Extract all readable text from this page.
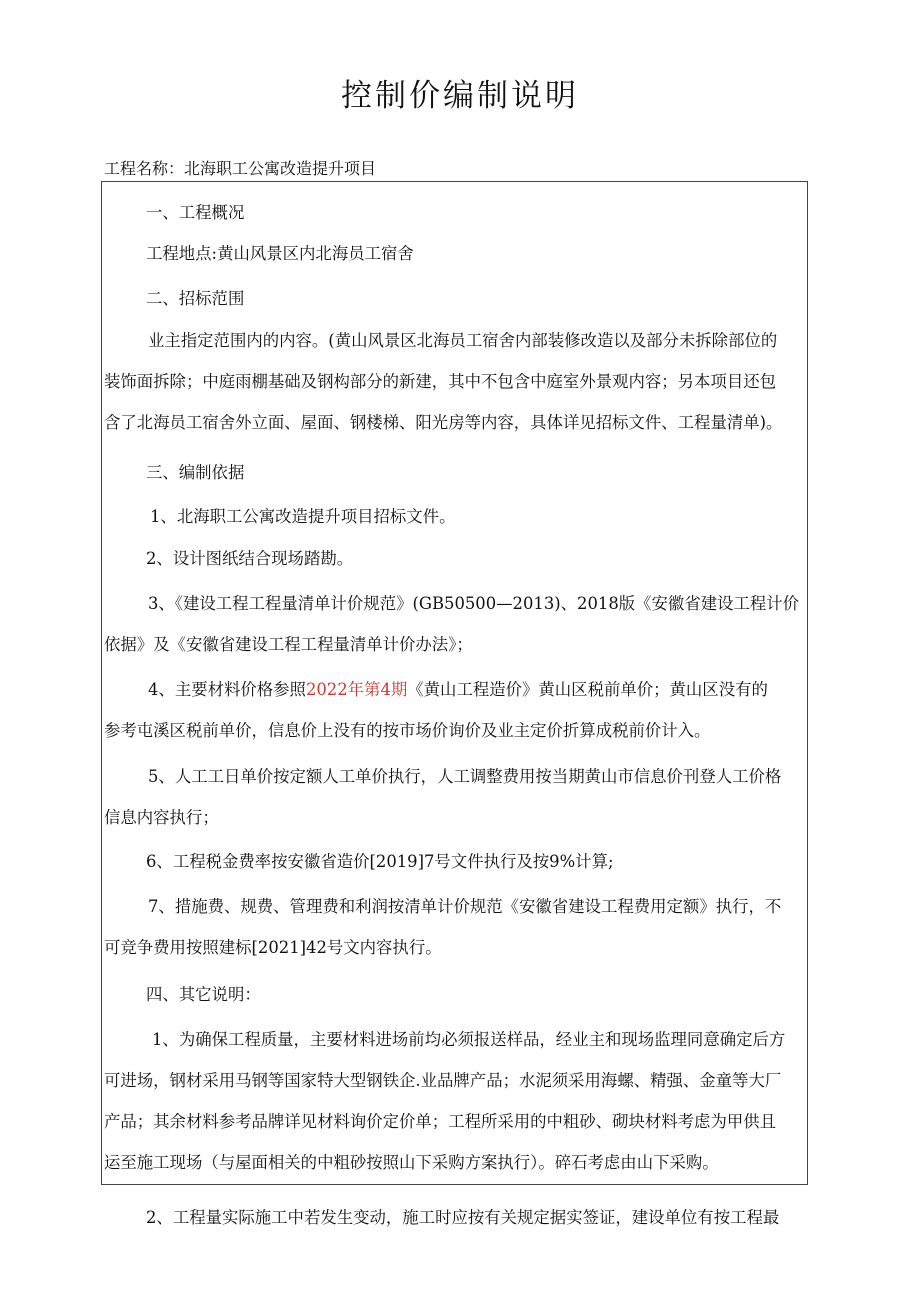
控制价编制说明
工程名称：北海职工公寓改造提升项目
一、工程概况
工程地点:黄山风景区内北海员工宿舍
二、招标范围
业主指定范围内的内容。(黄山风景区北海员工宿舍内部装修改造以及部分未拆除部位的
装饰面拆除；中庭雨棚基础及钢构部分的新建，其中不包含中庭室外景观内容；另本项目还包
含了北海员工宿舍外立面、屋面、钢楼梯、阳光房等内容，具体详见招标文件、工程量清单)。
三、编制依据
1、北海职工公寓改造提升项目招标文件。
2、设计图纸结合现场踏勘。
3、《建设工程工程量清单计价规范》(GB50500—2013)、2018版《安徽省建设工程计价
依据》及《安徽省建设工程工程量清单计价办法》；
4、主要材料价格参照2022年第4期《黄山工程造价》黄山区税前单价；黄山区没有的
参考屯溪区税前单价，信息价上没有的按市场价询价及业主定价折算成税前价计入。
5、人工工日单价按定额人工单价执行，人工调整费用按当期黄山市信息价刊登人工价格
信息内容执行；
6、工程税金费率按安徽省造价[2019]7号文件执行及按9%计算;
7、措施费、规费、管理费和利润按清单计价规范《安徽省建设工程费用定额》执行，不
可竞争费用按照建标[2021]42号文内容执行。
四、其它说明：
1、为确保工程质量，主要材料进场前均必须报送样品，经业主和现场监理同意确定后方
可进场，钢材采用马钢等国家特大型钢铁企.业品牌产品；水泥须采用海螺、精强、金童等大厂
产品；其余材料参考品牌详见材料询价定价单；工程所采用的中粗砂、砌块材料考虑为甲供且
运至施工现场（与屋面相关的中粗砂按照山下采购方案执行）。碎石考虑由山下采购。
2、工程量实际施工中若发生变动，施工时应按有关规定据实签证，建设单位有按工程最
